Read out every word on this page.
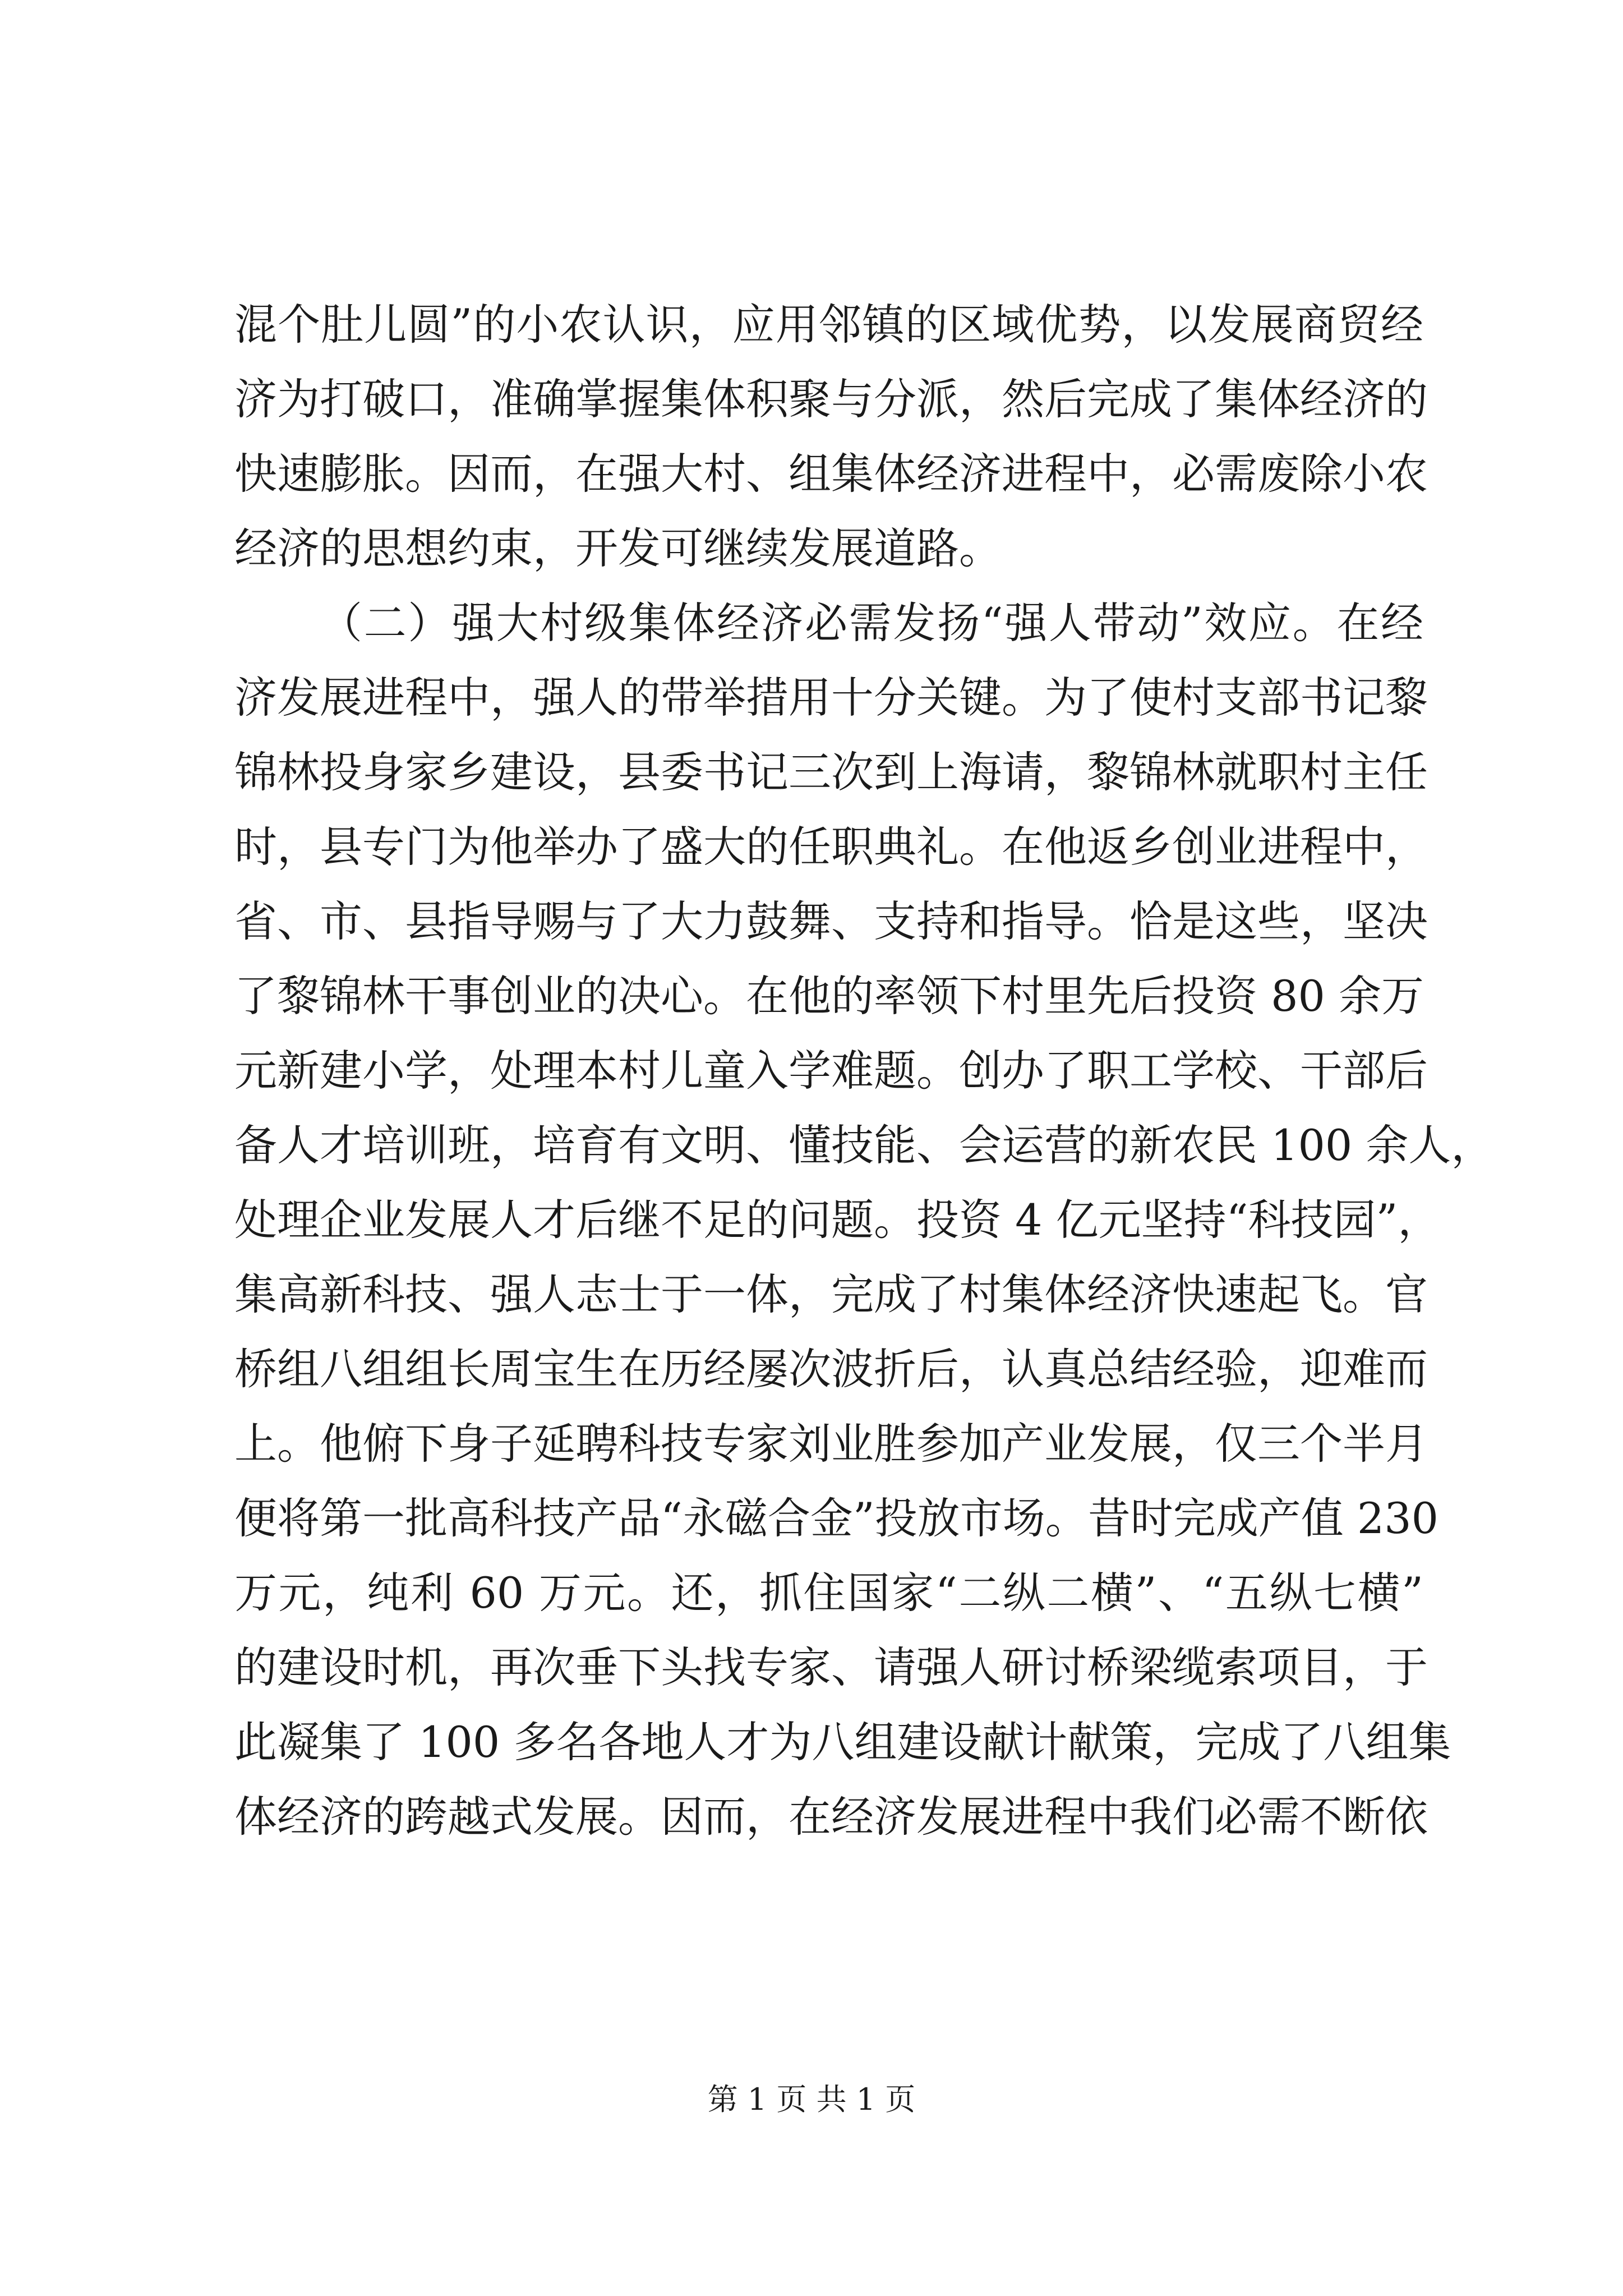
混个肚儿圆”的小农认识，应用邻镇的区域优势，以发展商贸经
济为打破口，准确掌握集体积聚与分派，然后完成了集体经济的
快速膨胀。因而，在强大村、组集体经济进程中，必需废除小农
经济的思想约束，开发可继续发展道路。
（二）强大村级集体经济必需发扬“强人带动”效应。在经
济发展进程中，强人的带举措用十分关键。为了使村支部书记黎
锦林投身家乡建设，县委书记三次到上海请，黎锦林就职村主任
时，县专门为他举办了盛大的任职典礼。在他返乡创业进程中，
省、市、县指导赐与了大力鼓舞、支持和指导。恰是这些，坚决
了黎锦林干事创业的决心。在他的率领下村里先后投资 80 余万
元新建小学，处理本村儿童入学难题。创办了职工学校、干部后
备人才培训班，培育有文明、懂技能、会运营的新农民 100 余人，
处理企业发展人才后继不足的问题。投资 4 亿元坚持“科技园”，
集高新科技、强人志士于一体，完成了村集体经济快速起飞。官
桥组八组组长周宝生在历经屡次波折后，认真总结经验，迎难而
上。他俯下身子延聘科技专家刘业胜参加产业发展，仅三个半月
便将第一批高科技产品“永磁合金”投放市场。昔时完成产值 230
万元，纯利 60 万元。还，抓住国家“二纵二横”、“五纵七横”
的建设时机，再次垂下头找专家、请强人研讨桥梁缆索项目，于
此凝集了 100 多名各地人才为八组建设献计献策，完成了八组集
体经济的跨越式发展。因而，在经济发展进程中我们必需不断依
第 1 页 共 1 页
